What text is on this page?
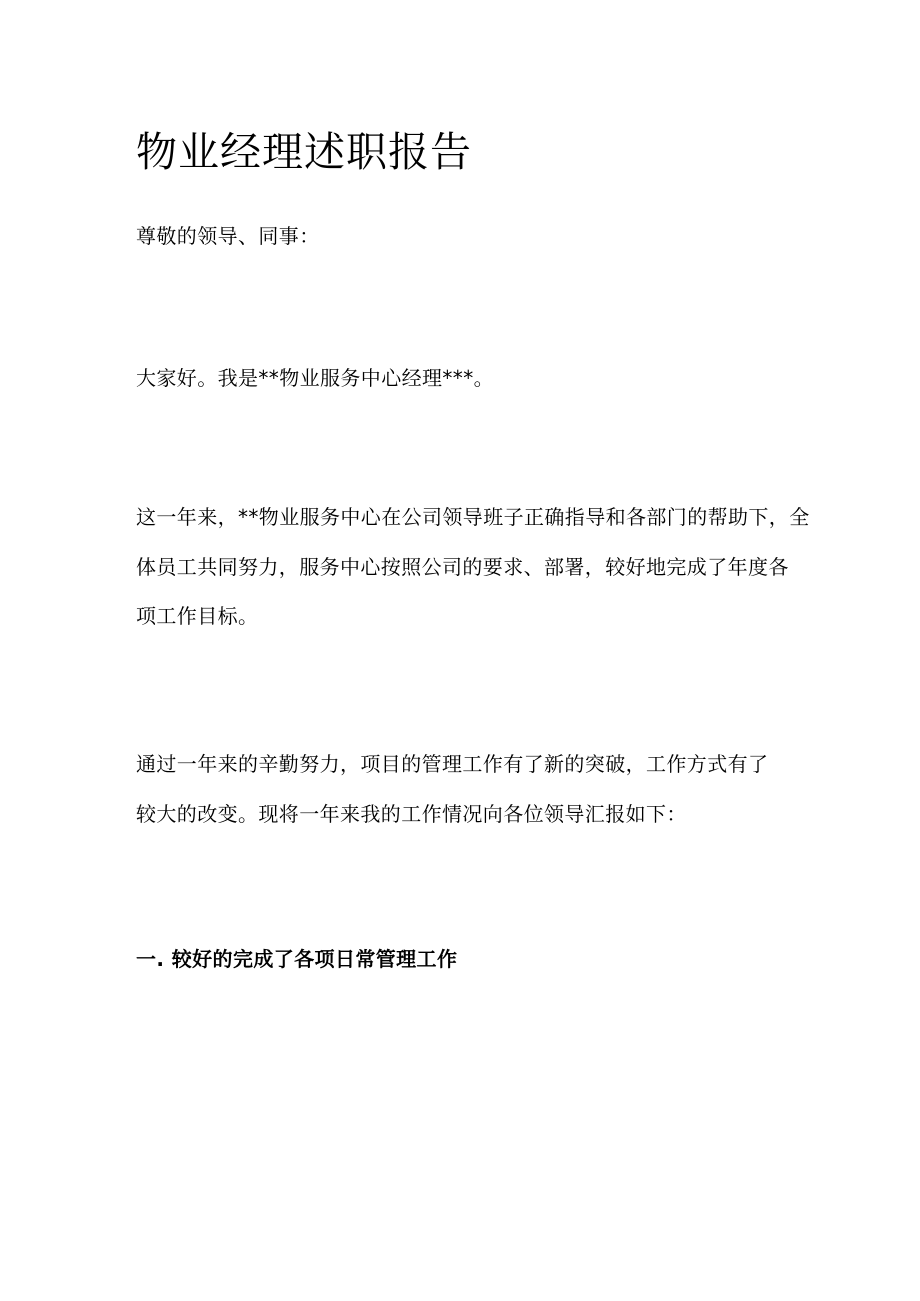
物业经理述职报告

尊敬的领导、同事：

大家好。我是**物业服务中心经理***。

这一年来，**物业服务中心在公司领导班子正确指导和各部门的帮助下，全

体员工共同努力，服务中心按照公司的要求、部署，较好地完成了年度各

项工作目标。

通过一年来的辛勤努力，项目的管理工作有了新的突破，工作方式有了

较大的改变。现将一年来我的工作情况向各位领导汇报如下：

一. 较好的完成了各项日常管理工作
